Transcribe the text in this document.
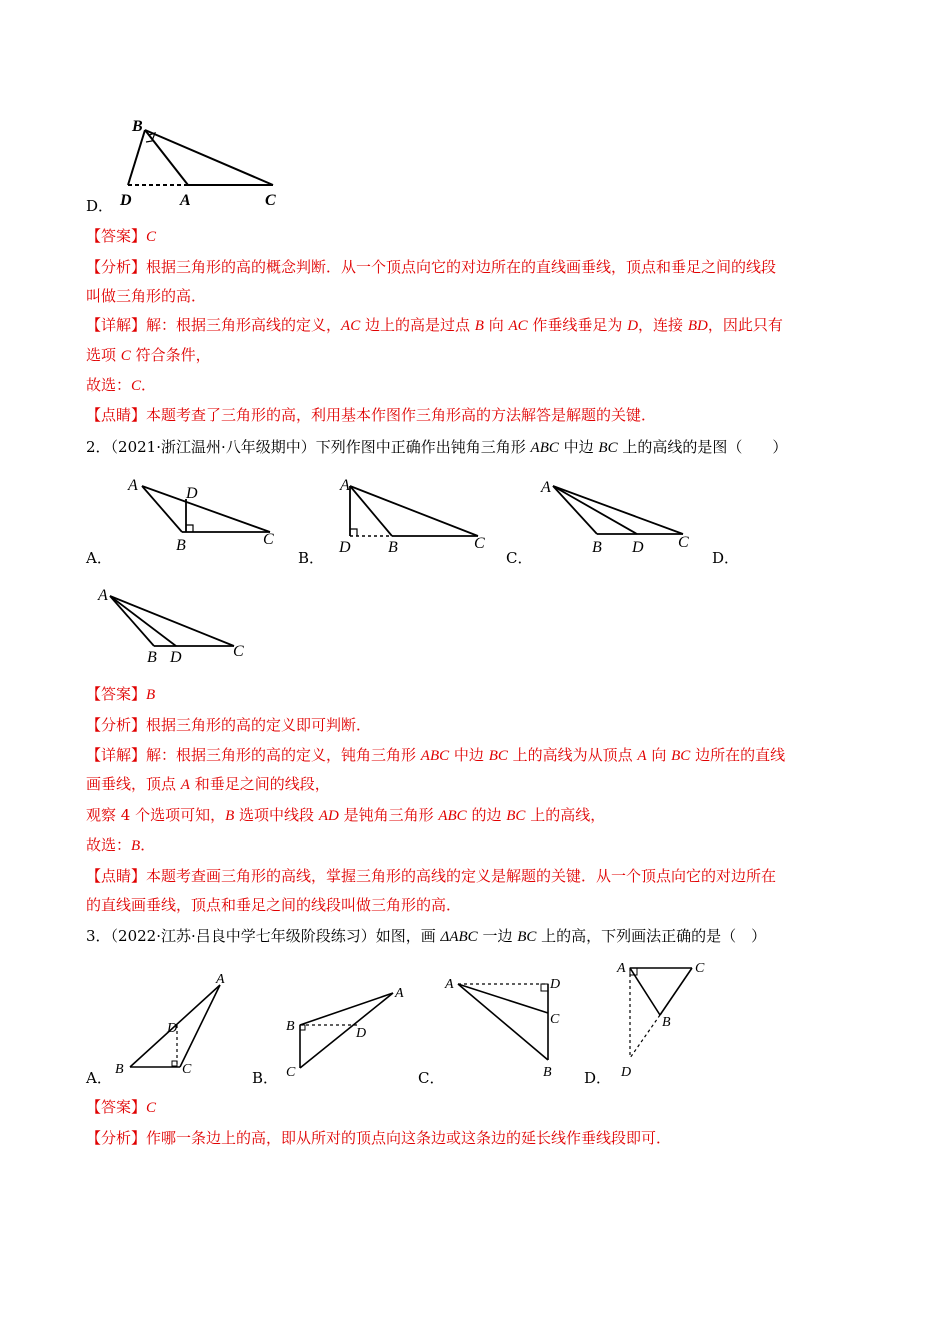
B
D	A	C
D．
【答案】C
【分析】根据三角形的高的概念判断．从一个顶点向它的对边所在的直线画垂线，顶点和垂足之间的线段
叫做三角形的高．
【详解】解：根据三角形高线的定义，AC 边上的高是过点 B 向 AC 作垂线垂足为 D，连接 BD，因此只有
选项 C 符合条件，
故选：C．
【点睛】本题考查了三角形的高，利用基本作图作三角形高的方法解答是解题的关键．
2．（2021·浙江温州·八年级期中）下列作图中正确作出钝角三角形 ABC 中边 BC 上的高线的是图（　　）
A	D
B	C
A．
A
D B	C
B．
A
B D C
C．	D．
A
B D	C
【答案】B
【分析】根据三角形的高的定义即可判断．
【详解】解：根据三角形的高的定义，钝角三角形 ABC 中边 BC 上的高线为从顶点 A 向 BC 边所在的直线
画垂线，顶点 A 和垂足之间的线段，
观察 4 个选项可知，B 选项中线段 AD 是钝角三角形 ABC 的边 BC 上的高线，
故选：B．
【点睛】本题考查画三角形的高线，掌握三角形的高线的定义是解题的关键．从一个顶点向它的对边所在
的直线画垂线，顶点和垂足之间的线段叫做三角形的高．
3．（2022·江苏·吕良中学七年级阶段练习）如图，画 ΔABC 一边 BC 上的高，下列画法正确的是（　）
A
D
B	C
A．
A
B	D
C
B．
A	D
C
B
C．
A	C
B
D
D．
【答案】C
【分析】作哪一条边上的高，即从所对的顶点向这条边或这条边的延长线作垂线段即可．
